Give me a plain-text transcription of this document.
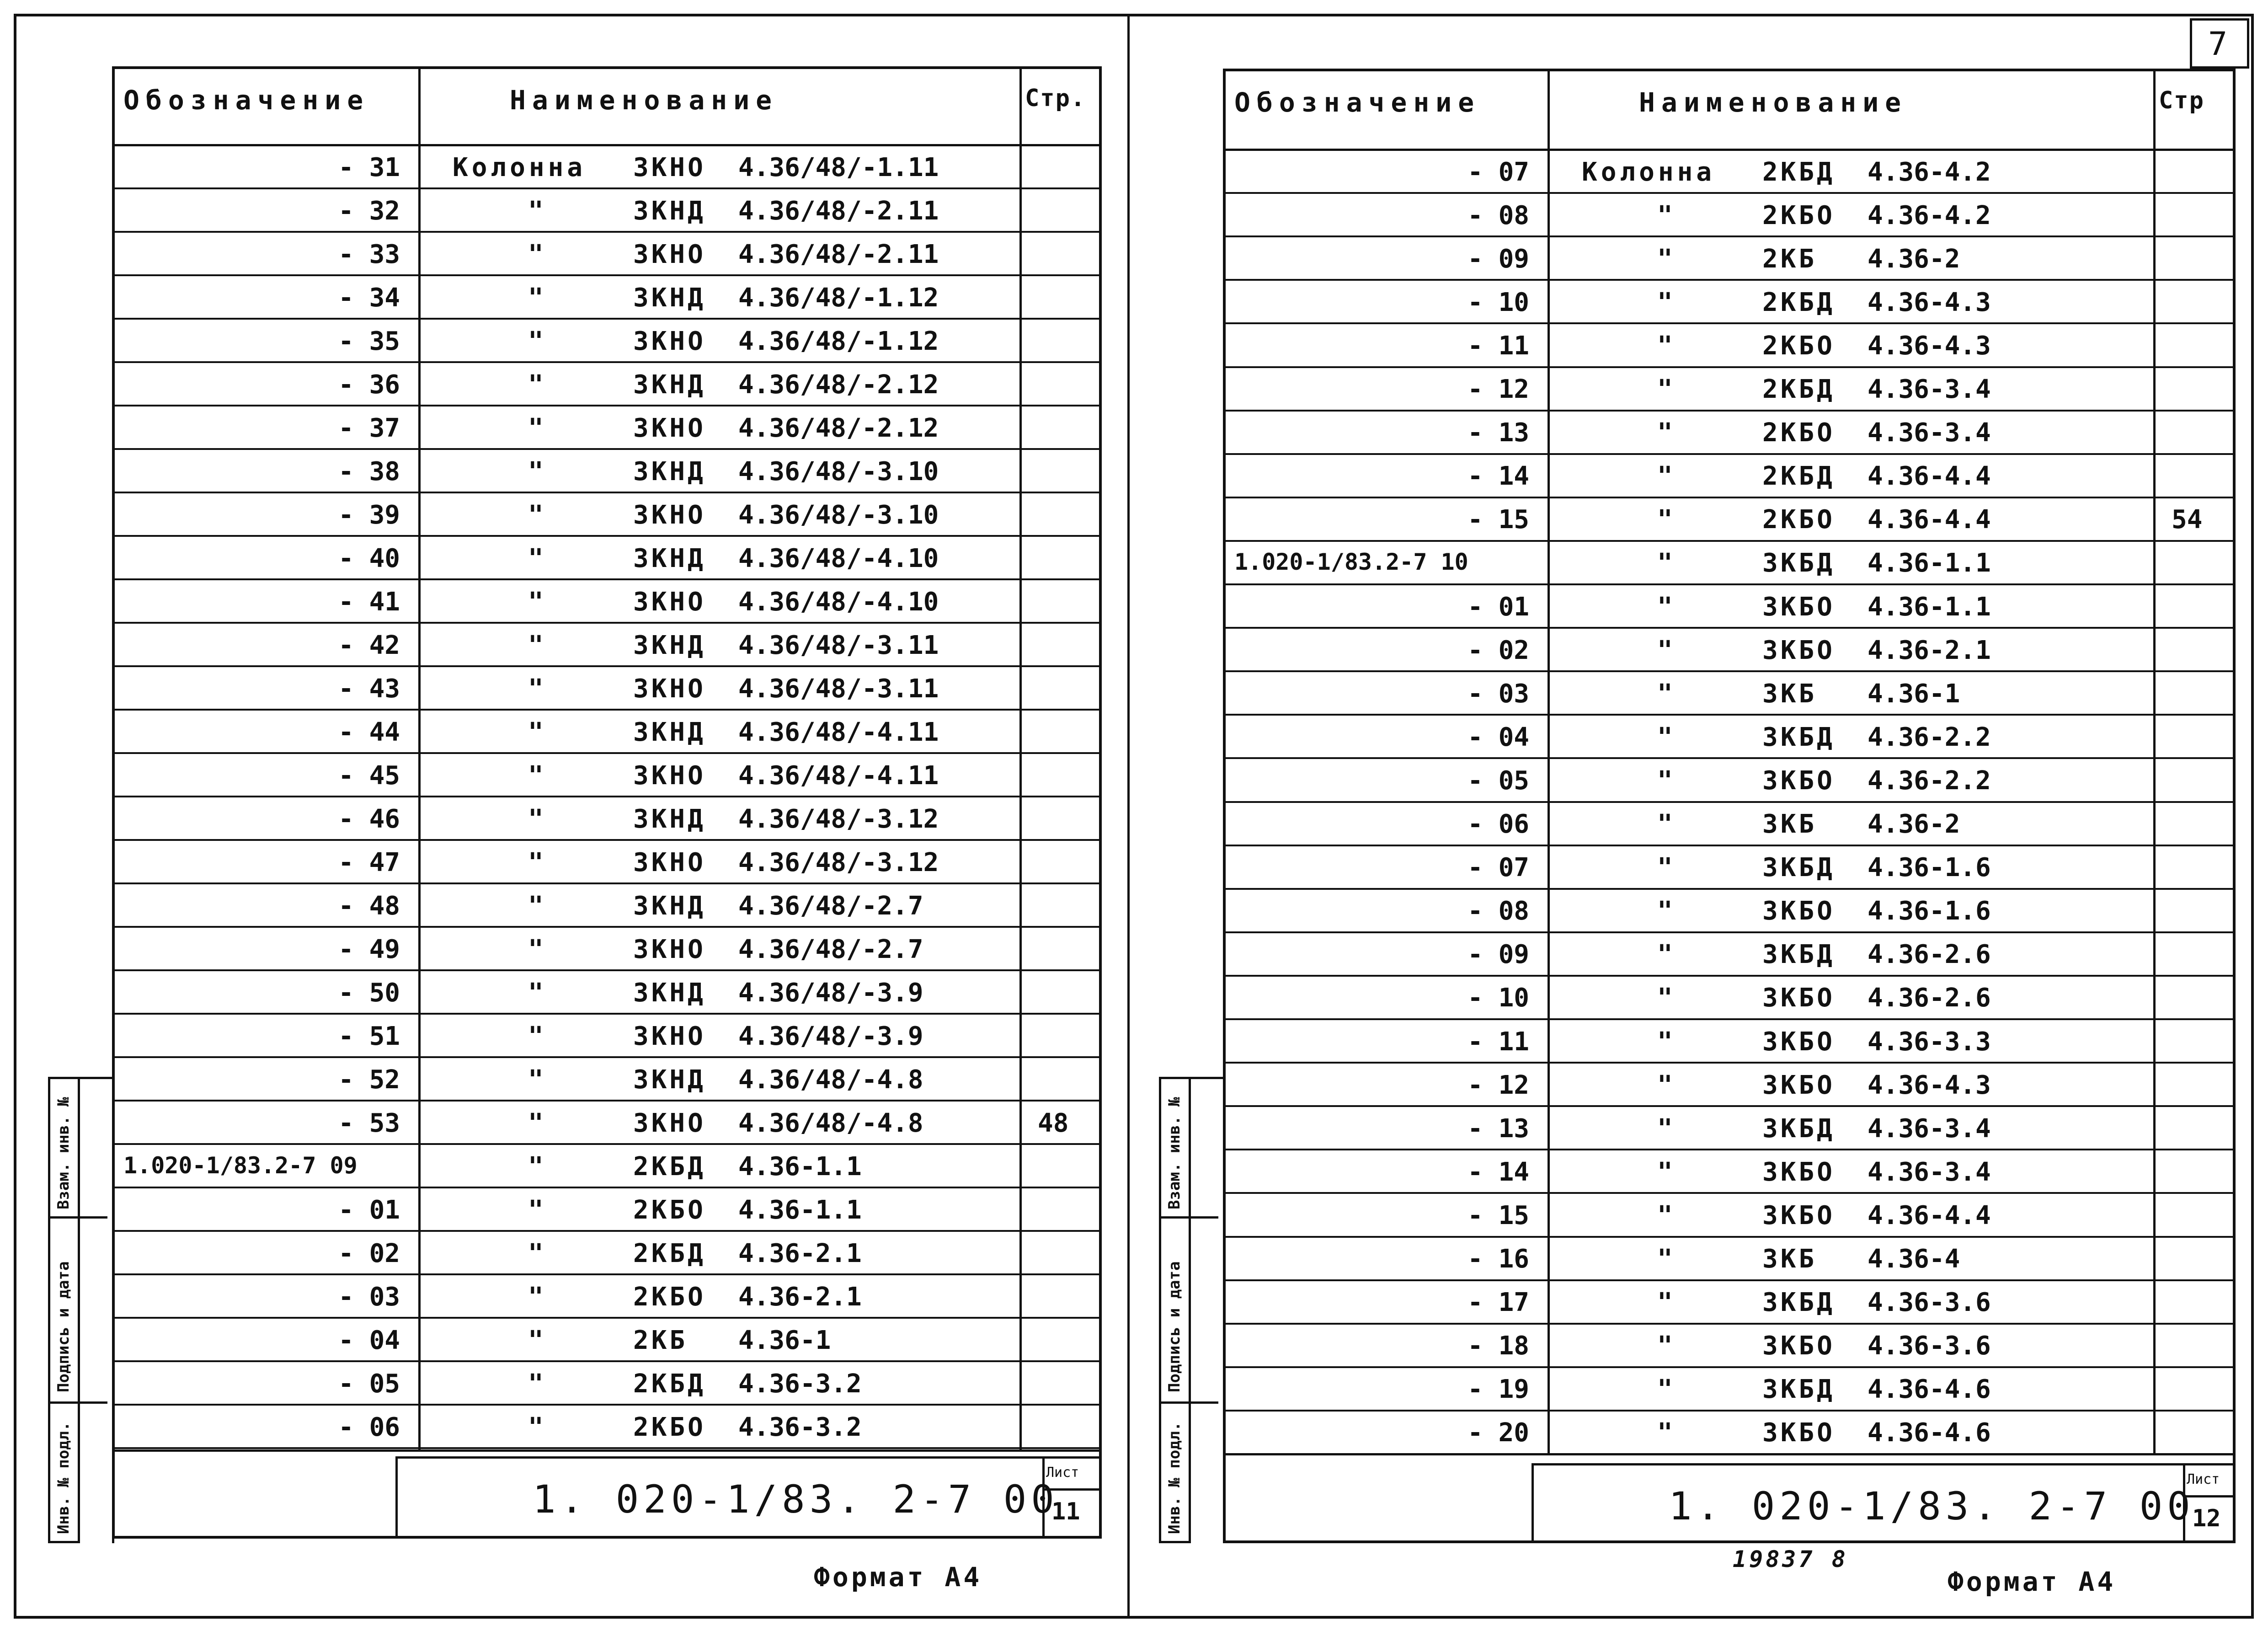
7
Обозначение	Наименование	Стр.
- 31 Колонна 3КНО 4.36/48/-1.11
- 32	"	3КНД 4.36/48/-2.11
- 33	"	3КНО 4.36/48/-2.11
- 34	"	3КНД 4.36/48/-1.12
- 35	"	3КНО 4.36/48/-1.12
- 36	"	3КНД 4.36/48/-2.12
- 37	"	3КНО 4.36/48/-2.12
- 38	"	3КНД 4.36/48/-3.10
- 39	"	3КНО 4.36/48/-3.10
- 40	"	3КНД 4.36/48/-4.10
- 41	"	3КНО 4.36/48/-4.10
- 42	"	3КНД 4.36/48/-3.11
- 43	"	3КНО 4.36/48/-3.11
- 44	"	3КНД 4.36/48/-4.11
- 45	"	3КНО 4.36/48/-4.11
- 46	"	3КНД 4.36/48/-3.12
- 47	"	3КНО 4.36/48/-3.12
- 48	"	3КНД 4.36/48/-2.7
- 49	"	3КНО 4.36/48/-2.7
- 50	"	3КНД 4.36/48/-3.9
- 51	"	3КНО 4.36/48/-3.9
- 52	"	3КНД 4.36/48/-4.8
- 53	"	3КНО 4.36/48/-4.8	48
1.020-1/83.2-7 09	"	2КБД 4.36-1.1
- 01	"	2КБО 4.36-1.1
- 02	"	2КБД 4.36-2.1
- 03	"	2КБО 4.36-2.1
- 04	"	2КБ 4.36-1
- 05	"	2КБД 4.36-3.2
- 06	"	2КБО 4.36-3.2
1. 020-1/83. 2-7 00
Лист
11
Инв. № подл.
Подпись и дата
Взам. инв. №
Формат А4
Обозначение	Наименование	Стр
- 07 Колонна 2КБД 4.36-4.2
- 08	"	2КБО 4.36-4.2
- 09	"	2КБ 4.36-2
- 10	"	2КБД 4.36-4.3
- 11	"	2КБО 4.36-4.3
- 12	"	2КБД 4.36-3.4
- 13	"	2КБО 4.36-3.4
- 14	"	2КБД 4.36-4.4
- 15	"	2КБО 4.36-4.4	54
1.020-1/83.2-7 10	"	3КБД 4.36-1.1
- 01	"	3КБО 4.36-1.1
- 02	"	3КБО 4.36-2.1
- 03	"	3КБ 4.36-1
- 04	"	3КБД 4.36-2.2
- 05	"	3КБО 4.36-2.2
- 06	"	3КБ 4.36-2
- 07	"	3КБД 4.36-1.6
- 08	"	3КБО 4.36-1.6
- 09	"	3КБД 4.36-2.6
- 10	"	3КБО 4.36-2.6
- 11	"	3КБО 4.36-3.3
- 12	"	3КБО 4.36-4.3
- 13	"	3КБД 4.36-3.4
- 14	"	3КБО 4.36-3.4
- 15	"	3КБО 4.36-4.4
- 16	"	3КБ 4.36-4
- 17	"	3КБД 4.36-3.6
- 18	"	3КБО 4.36-3.6
- 19	"	3КБД 4.36-4.6
- 20	"	3КБО 4.36-4.6
1. 020-1/83. 2-7 00
Лист
12
Инв. № подл.
Подпись и дата
Взам. инв. №
Формат А4
19837 8
